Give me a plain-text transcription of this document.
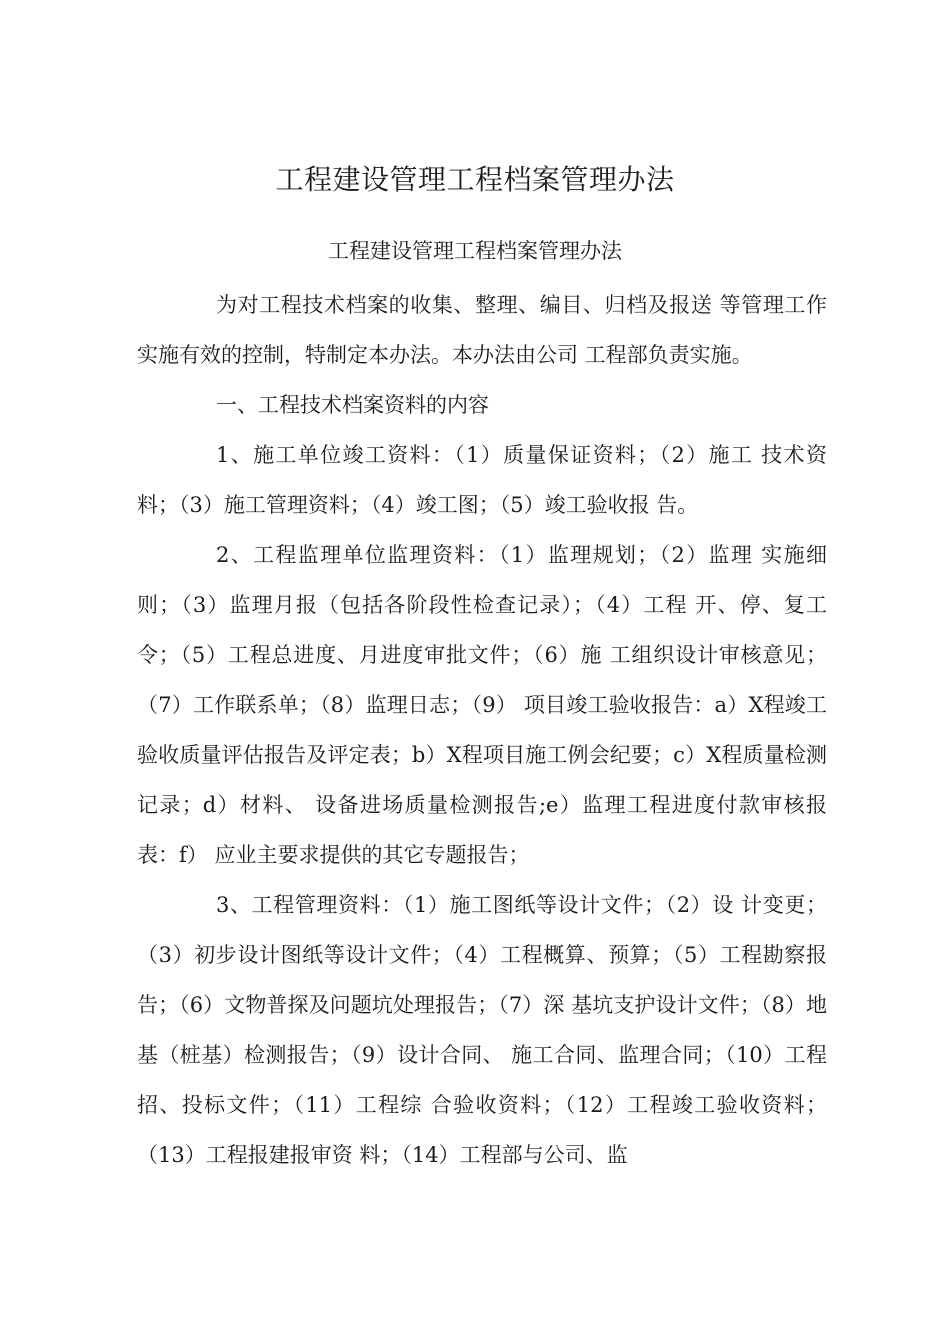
工程建设管理工程档案管理办法
工程建设管理工程档案管理办法

为对工程技术档案的收集、整理、编目、归档及报送 等管理工作实施有效的控制，特制定本办法。本办法由公司 工程部负责实施。

一、工程技术档案资料的内容

1、施工单位竣工资料：（1）质量保证资料；（2）施工 技术资料；（3）施工管理资料；（4）竣工图；（5）竣工验收报 告。

2、工程监理单位监理资料：（1）监理规划；（2）监理 实施细则；（3）监理月报（包括各阶段性检查记录）；（4）工程 开、停、复工令；（5）工程总进度、月进度审批文件；（6）施 工组织设计审核意见；（7）工作联系单；（8）监理日志；（9） 项目竣工验收报告：a）X程竣工验收质量评估报告及评定表；b）X程项目施工例会纪要；c）X程质量检测记录；d）材料、 设备进场质量检测报告;e）监理工程进度付款审核报表：f） 应业主要求提供的其它专题报告；

3、工程管理资料：（1）施工图纸等设计文件；（2）设 计变更；（3）初步设计图纸等设计文件；（4）工程概算、预算；（5）工程勘察报告；（6）文物普探及问题坑处理报告；（7）深 基坑支护设计文件；（8）地基（桩基）检测报告；（9）设计合同、 施工合同、监理合同；（10）工程招、投标文件；（11）工程综 合验收资料；（12）工程竣工验收资料；（13）工程报建报审资 料；（14）工程部与公司、监
